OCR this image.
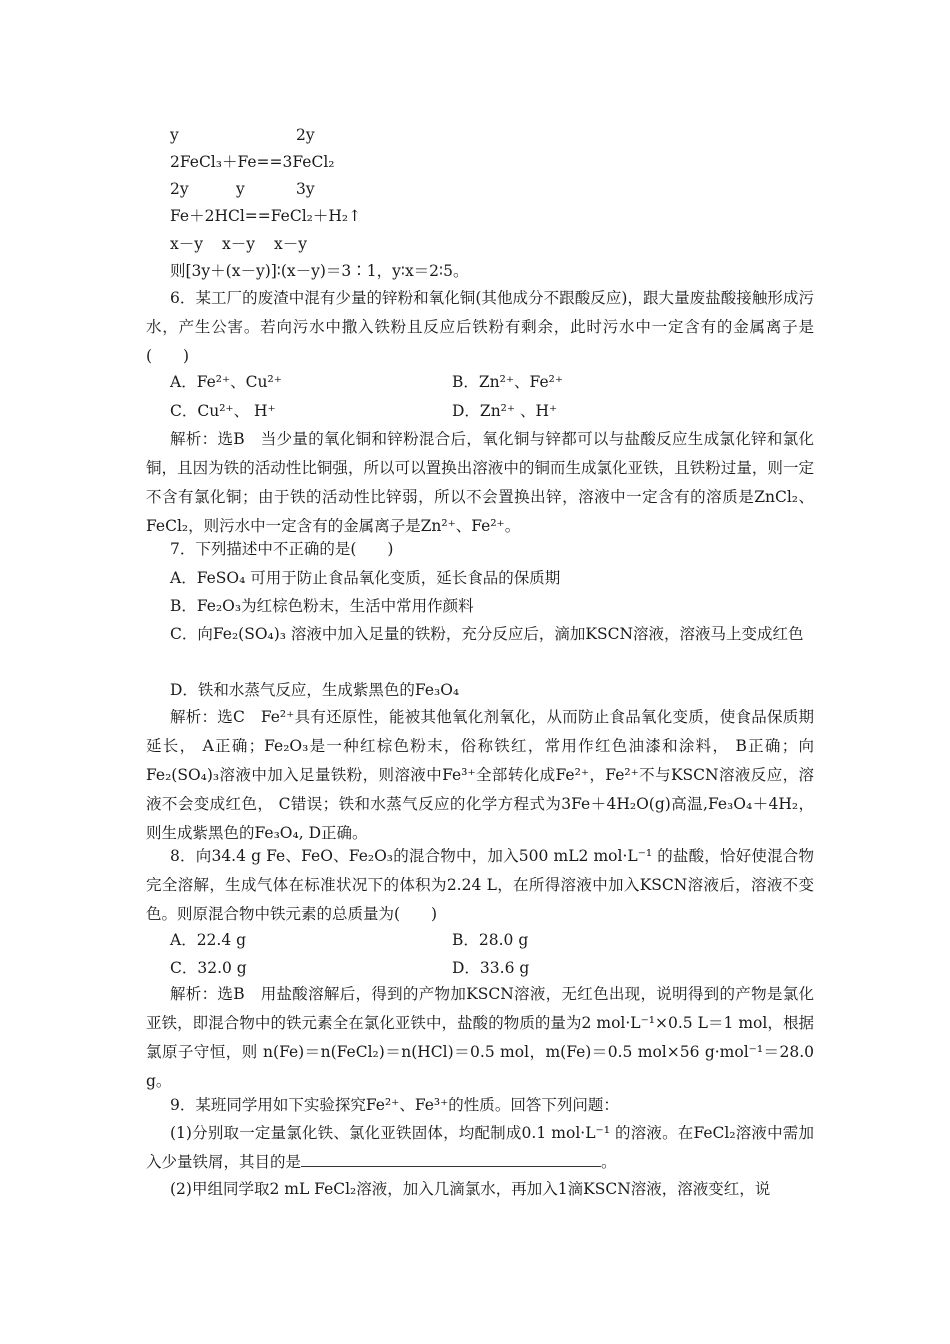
y	2y
2FeCl₃＋Fe==3FeCl₂
2y	y	3y
Fe＋2HCl==FeCl₂＋H₂↑
x－y x－y x－y
则[3y＋(x－y)]∶(x－y)＝3∶1，y∶x＝2∶5。
6．某工厂的废渣中混有少量的锌粉和氧化铜(其他成分不跟酸反应)，跟大量废盐酸接触形成污水，产生公害。若向污水中撒入铁粉且反应后铁粉有剩余，此时污水中一定含有的金属离子是(　　)
A．Fe²⁺、Cu²⁺	B．Zn²⁺、Fe²⁺
C．Cu²⁺、 H⁺	D．Zn²⁺ 、H⁺
解析：选B　当少量的氧化铜和锌粉混合后，氧化铜与锌都可以与盐酸反应生成氯化锌和氯化铜，且因为铁的活动性比铜强，所以可以置换出溶液中的铜而生成氯化亚铁，且铁粉过量，则一定不含有氯化铜；由于铁的活动性比锌弱，所以不会置换出锌，溶液中一定含有的溶质是ZnCl₂、FeCl₂，则污水中一定含有的金属离子是Zn²⁺、Fe²⁺。
7．下列描述中不正确的是(　　)
A．FeSO₄ 可用于防止食品氧化变质，延长食品的保质期
B．Fe₂O₃为红棕色粉末，生活中常用作颜料
C．向Fe₂(SO₄)₃ 溶液中加入足量的铁粉，充分反应后，滴加KSCN溶液，溶液马上变成红色
D．铁和水蒸气反应，生成紫黑色的Fe₃O₄
解析：选C　Fe²⁺具有还原性，能被其他氧化剂氧化，从而防止食品氧化变质，使食品保质期延长， A正确；Fe₂O₃是一种红棕色粉末，俗称铁红，常用作红色油漆和涂料， B正确；向Fe₂(SO₄)₃溶液中加入足量铁粉，则溶液中Fe³⁺全部转化成Fe²⁺，Fe²⁺不与KSCN溶液反应，溶液不会变成红色， C错误；铁和水蒸气反应的化学方程式为3Fe＋4H₂O(g)高温,Fe₃O₄＋4H₂，则生成紫黑色的Fe₃O₄, D正确。
8．向34.4 g Fe、FeO、Fe₂O₃的混合物中，加入500 mL2 mol·L⁻¹ 的盐酸，恰好使混合物完全溶解，生成气体在标准状况下的体积为2.24 L，在所得溶液中加入KSCN溶液后，溶液不变色。则原混合物中铁元素的总质量为(　　)
A．22.4 g	B．28.0 g
C．32.0 g	D．33.6 g
解析：选B　用盐酸溶解后，得到的产物加KSCN溶液，无红色出现，说明得到的产物是氯化亚铁，即混合物中的铁元素全在氯化亚铁中，盐酸的物质的量为2 mol·L⁻¹×0.5 L＝1 mol，根据氯原子守恒，则 n(Fe)＝n(FeCl₂)＝n(HCl)＝0.5 mol，m(Fe)＝0.5 mol×56 g·mol⁻¹＝28.0 g。
9．某班同学用如下实验探究Fe²⁺、Fe³⁺的性质。回答下列问题：
(1)分别取一定量氯化铁、氯化亚铁固体，均配制成0.1 mol·L⁻¹ 的溶液。在FeCl₂溶液中需加入少量铁屑，其目的是	。
(2)甲组同学取2 mL FeCl₂溶液，加入几滴氯水，再加入1滴KSCN溶液，溶液变红，说
